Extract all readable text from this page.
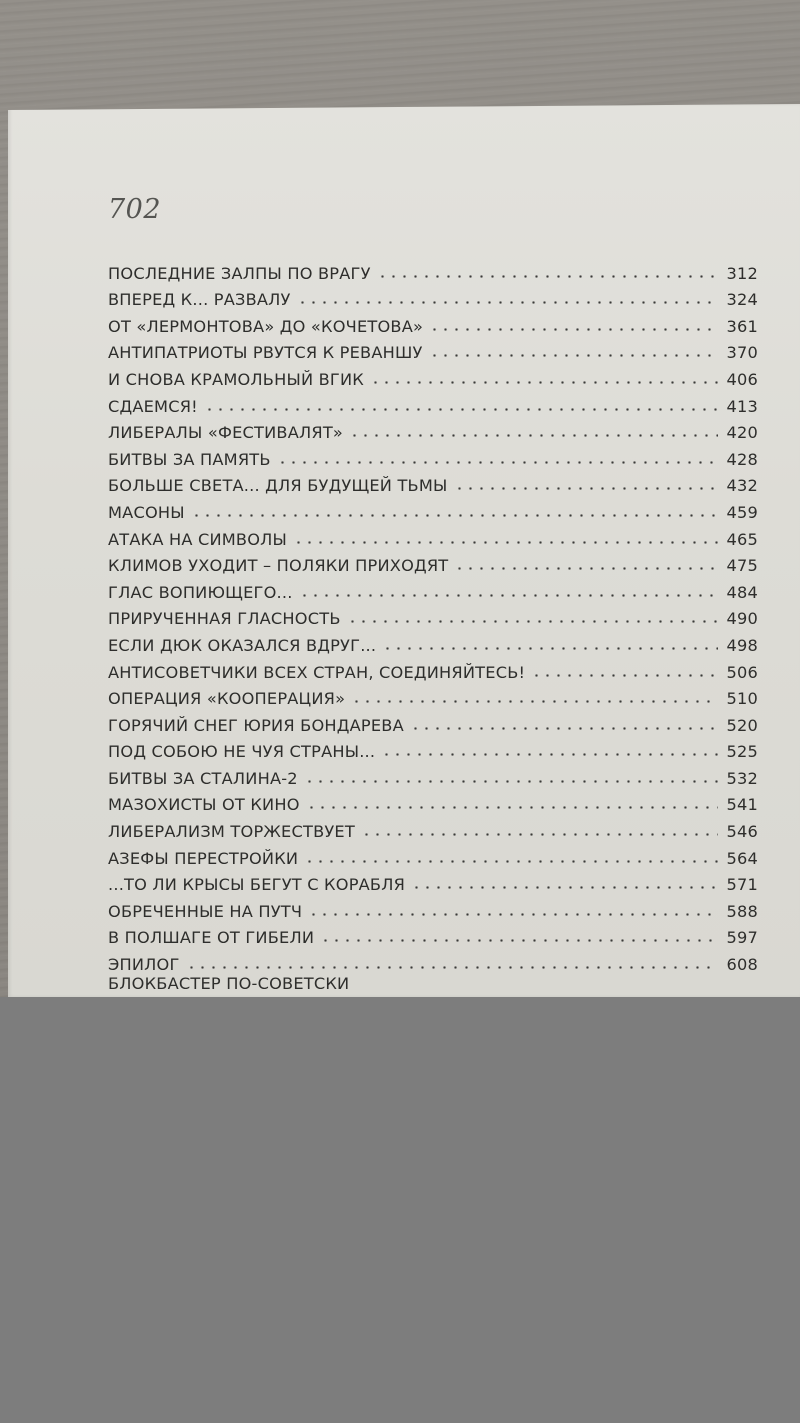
702
ПОСЛЕДНИЕ ЗАЛПЫ ПО ВРАГУ	312
ВПЕРЕД К... РАЗВАЛУ	324
ОТ «ЛЕРМОНТОВА» ДО «КОЧЕТОВА»	361
АНТИПАТРИОТЫ РВУТСЯ К РЕВАНШУ	370
И СНОВА КРАМОЛЬНЫЙ ВГИК	406
СДАЕМСЯ!	413
ЛИБЕРАЛЫ «ФЕСТИВАЛЯТ»	420
БИТВЫ ЗА ПАМЯТЬ	428
БОЛЬШЕ СВЕТА... ДЛЯ БУДУЩЕЙ ТЬМЫ	432
МАСОНЫ	459
АТАКА НА СИМВОЛЫ	465
КЛИМОВ УХОДИТ – ПОЛЯКИ ПРИХОДЯТ	475
ГЛАС ВОПИЮЩЕГО...	484
ПРИРУЧЕННАЯ ГЛАСНОСТЬ	490
ЕСЛИ ДЮК ОКАЗАЛСЯ ВДРУГ...	498
АНТИСОВЕТЧИКИ ВСЕХ СТРАН, СОЕДИНЯЙТЕСЬ!	506
ОПЕРАЦИЯ «КООПЕРАЦИЯ»	510
ГОРЯЧИЙ СНЕГ ЮРИЯ БОНДАРЕВА	520
ПОД СОБОЮ НЕ ЧУЯ СТРАНЫ...	525
БИТВЫ ЗА СТАЛИНА-2	532
МАЗОХИСТЫ ОТ КИНО	541
ЛИБЕРАЛИЗМ ТОРЖЕСТВУЕТ	546
АЗЕФЫ ПЕРЕСТРОЙКИ	564
...ТО ЛИ КРЫСЫ БЕГУТ С КОРАБЛЯ	571
ОБРЕЧЕННЫЕ НА ПУТЧ	588
В ПОЛШАГЕ ОТ ГИБЕЛИ	597
ЭПИЛОГ	608
БЛОКБАСТЕР ПО-СОВЕТСКИ
